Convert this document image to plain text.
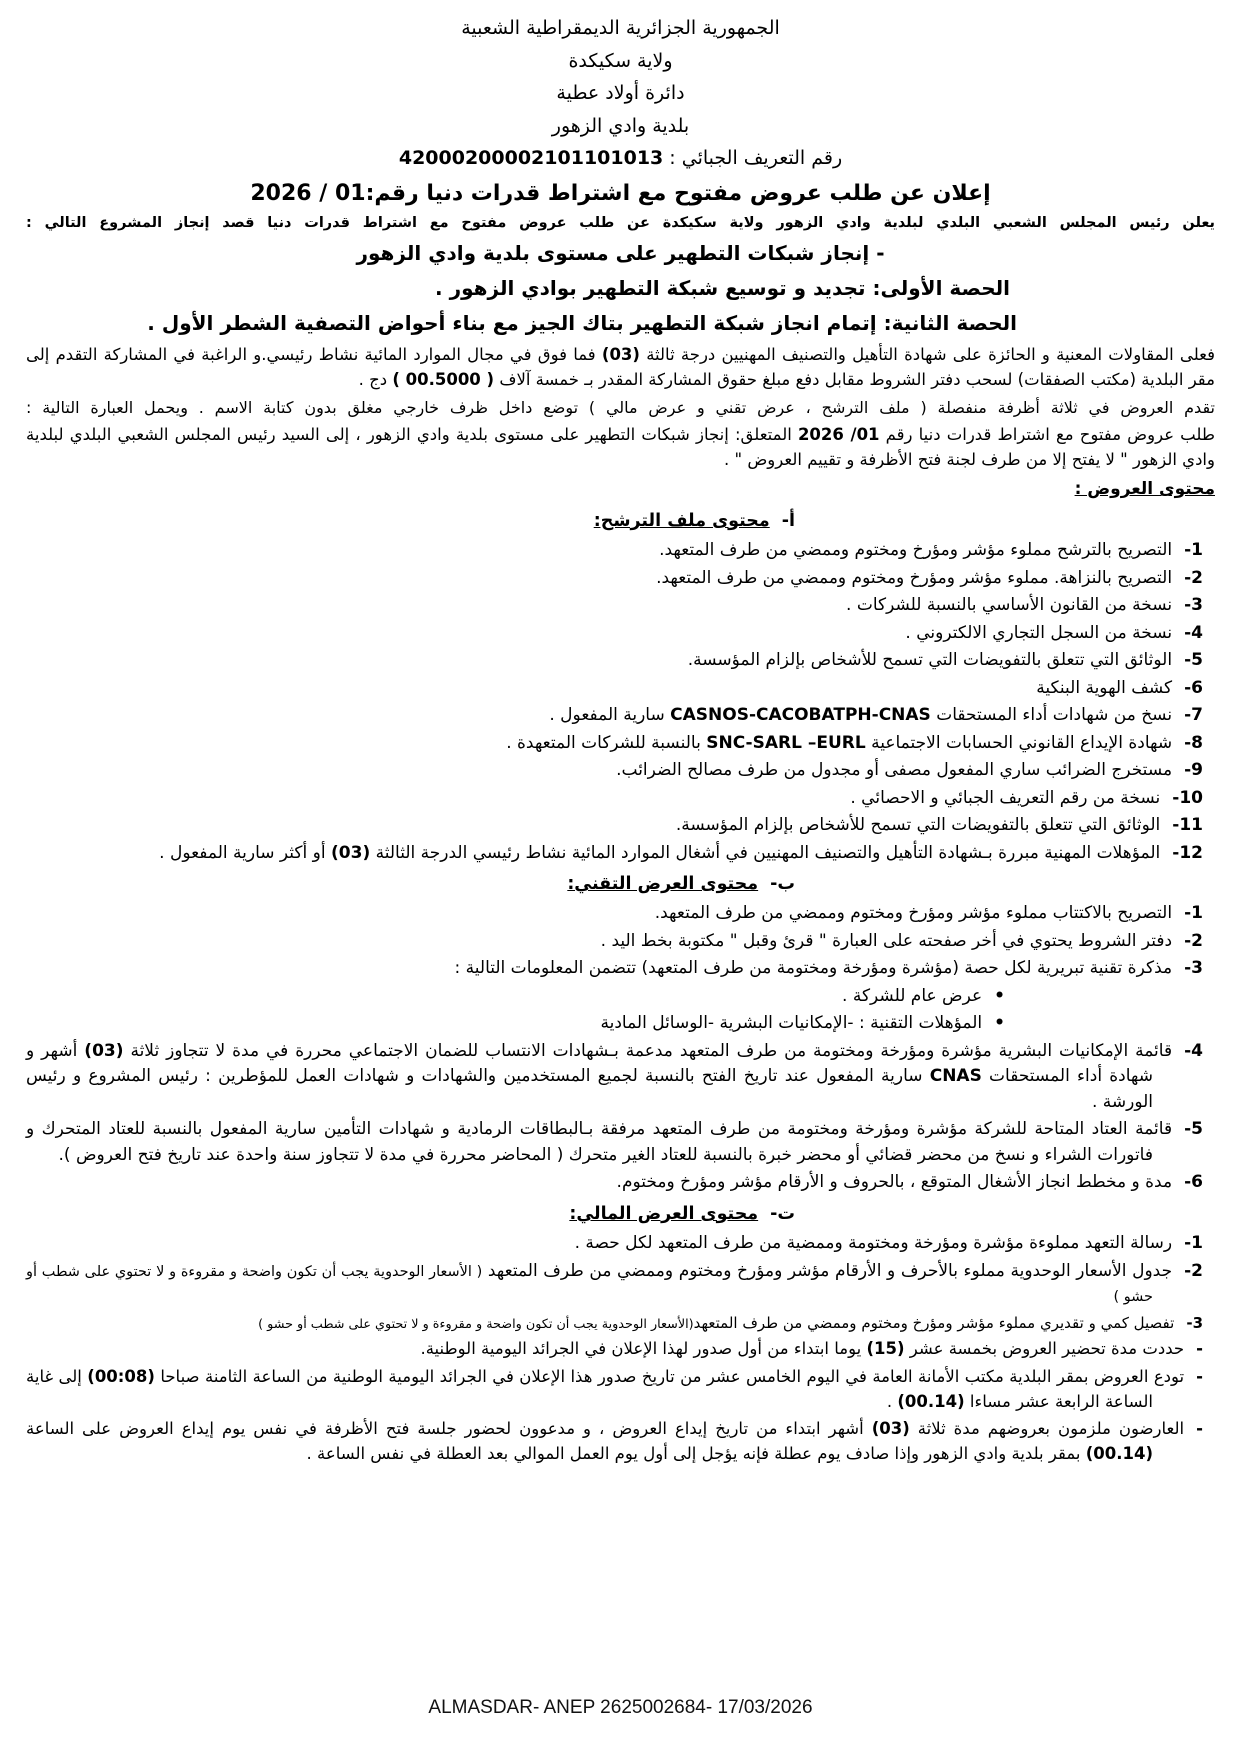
الجمهورية الجزائرية الديمقراطية الشعبية

ولاية سكيكدة

دائرة أولاد عطية

بلدية وادي الزهور

رقم التعريف الجبائي : 42000200002101101013

إعلان عن طلب عروض مفتوح مع اشتراط قدرات دنيا رقم:01 / 2026

يعلن رئيس المجلس الشعبي البلدي لبلدية وادي الزهور ولاية سكيكدة عن طلب عروض مفتوح مع اشتراط قدرات دنيا قصد إنجاز المشروع التالي :

- إنجاز شبكات التطهير على مستوى بلدية وادي الزهور

الحصة الأولى: تجديد و توسيع شبكة التطهير بوادي الزهور .

الحصة الثانية: إتمام انجاز شبكة التطهير بتاك الجيز مع بناء أحواض التصفية الشطر الأول .

فعلى المقاولات المعنية و الحائزة على شهادة التأهيل والتصنيف المهنيين درجة ثالثة (03) فما فوق في مجال الموارد المائية نشاط رئيسي.و الراغبة في المشاركة التقدم إلى مقر البلدية (مكتب الصفقات) لسحب دفتر الشروط مقابل دفع مبلغ حقوق المشاركة المقدر بـ خمسة آلاف ( 00.5000 ) دج .

تقدم العروض في ثلاثة أظرفة منفصلة ( ملف الترشح ، عرض تقني و عرض مالي ) توضع داخل ظرف خارجي مغلق بدون كتابة الاسم . ويحمل العبارة التالية :

طلب عروض مفتوح مع اشتراط قدرات دنيا رقم 01/ 2026 المتعلق: إنجاز شبكات التطهير على مستوى بلدية وادي الزهور ، إلى السيد رئيس المجلس الشعبي البلدي لبلدية وادي الزهور " لا يفتح إلا من طرف لجنة فتح الأظرفة و تقييم العروض " .

محتوى العروض :

أ-محتوى ملف الترشح:

1-التصريح بالترشح مملوء مؤشر ومؤرخ ومختوم وممضي من طرف المتعهد.

2-التصريح بالنزاهة. مملوء مؤشر ومؤرخ ومختوم وممضي من طرف المتعهد.

3-نسخة من القانون الأساسي بالنسبة للشركات .

4-نسخة من السجل التجاري الالكتروني .

5-الوثائق التي تتعلق بالتفويضات التي تسمح للأشخاص بإلزام المؤسسة.

6-كشف الهوية البنكية

7-نسخ من شهادات أداء المستحقات CASNOS-CACOBATPH-CNAS سارية المفعول .

8-شهادة الإيداع القانوني الحسابات الاجتماعية SNC-SARL –EURL بالنسبة للشركات المتعهدة .

9-مستخرج الضرائب ساري المفعول مصفى أو مجدول من طرف مصالح الضرائب.

10-نسخة من رقم التعريف الجبائي و الاحصائي .

11-الوثائق التي تتعلق بالتفويضات التي تسمح للأشخاص بإلزام المؤسسة.

12-المؤهلات المهنية مبررة بـشهادة التأهيل والتصنيف المهنيين في أشغال الموارد المائية نشاط رئيسي الدرجة الثالثة (03) أو أكثر سارية المفعول .

ب-محتوى العرض التقني:

1-التصريح بالاكتتاب مملوء مؤشر ومؤرخ ومختوم وممضي من طرف المتعهد.

2-دفتر الشروط يحتوي في أخر صفحته على العبارة " قرئ وقبل " مكتوبة بخط اليد .

3-مذكرة تقنية تبريرية لكل حصة (مؤشرة ومؤرخة ومختومة من طرف المتعهد) تتضمن المعلومات التالية :

•عرض عام للشركة .

•المؤهلات التقنية : -الإمكانيات البشرية -الوسائل المادية

4-قائمة الإمكانيات البشرية مؤشرة ومؤرخة ومختومة من طرف المتعهد مدعمة بـشهادات الانتساب للضمان الاجتماعي محررة في مدة لا تتجاوز ثلاثة (03) أشهر و شهادة أداء المستحقات CNAS سارية المفعول عند تاريخ الفتح بالنسبة لجميع المستخدمين والشهادات و شهادات العمل للمؤطرين : رئيس المشروع و رئيس الورشة .

5-قائمة العتاد المتاحة للشركة مؤشرة ومؤرخة ومختومة من طرف المتعهد مرفقة بـالبطاقات الرمادية و شهادات التأمين سارية المفعول بالنسبة للعتاد المتحرك و فاتورات الشراء و نسخ من محضر قضائي أو محضر خبرة بالنسبة للعتاد الغير متحرك ( المحاضر محررة في مدة لا تتجاوز سنة واحدة عند تاريخ فتح العروض ).

6-مدة و مخطط انجاز الأشغال المتوقع ، بالحروف و الأرقام مؤشر ومؤرخ ومختوم.

ت-محتوى العرض المالي:

1-رسالة التعهد مملوءة مؤشرة ومؤرخة ومختومة وممضية من طرف المتعهد لكل حصة .

2-جدول الأسعار الوحدوية مملوء بالأحرف و الأرقام مؤشر ومؤرخ ومختوم وممضي من طرف المتعهد ( الأسعار الوحدوية يجب أن تكون واضحة و مقروءة و لا تحتوي على شطب أو حشو )

3-تفصيل كمي و تقديري مملوء مؤشر ومؤرخ ومختوم وممضي من طرف المتعهد(الأسعار الوحدوية يجب أن تكون واضحة و مقروءة و لا تحتوي على شطب أو حشو )

-حددت مدة تحضير العروض بخمسة عشر (15) يوما ابتداء من أول صدور لهذا الإعلان في الجرائد اليومية الوطنية.

-تودع العروض بمقر البلدية مكتب الأمانة العامة في اليوم الخامس عشر من تاريخ صدور هذا الإعلان في الجرائد اليومية الوطنية من الساعة الثامنة صباحا (00:08) إلى غاية الساعة الرابعة عشر مساءا (00.14) .

-العارضون ملزمون بعروضهم مدة ثلاثة (03) أشهر ابتداء من تاريخ إيداع العروض ، و مدعوون لحضور جلسة فتح الأظرفة في نفس يوم إيداع العروض على الساعة (00.14) بمقر بلدية وادي الزهور وإذا صادف يوم عطلة فإنه يؤجل إلى أول يوم العمل الموالي بعد العطلة في نفس الساعة .

ALMASDAR- ANEP 2625002684- 17/03/2026
